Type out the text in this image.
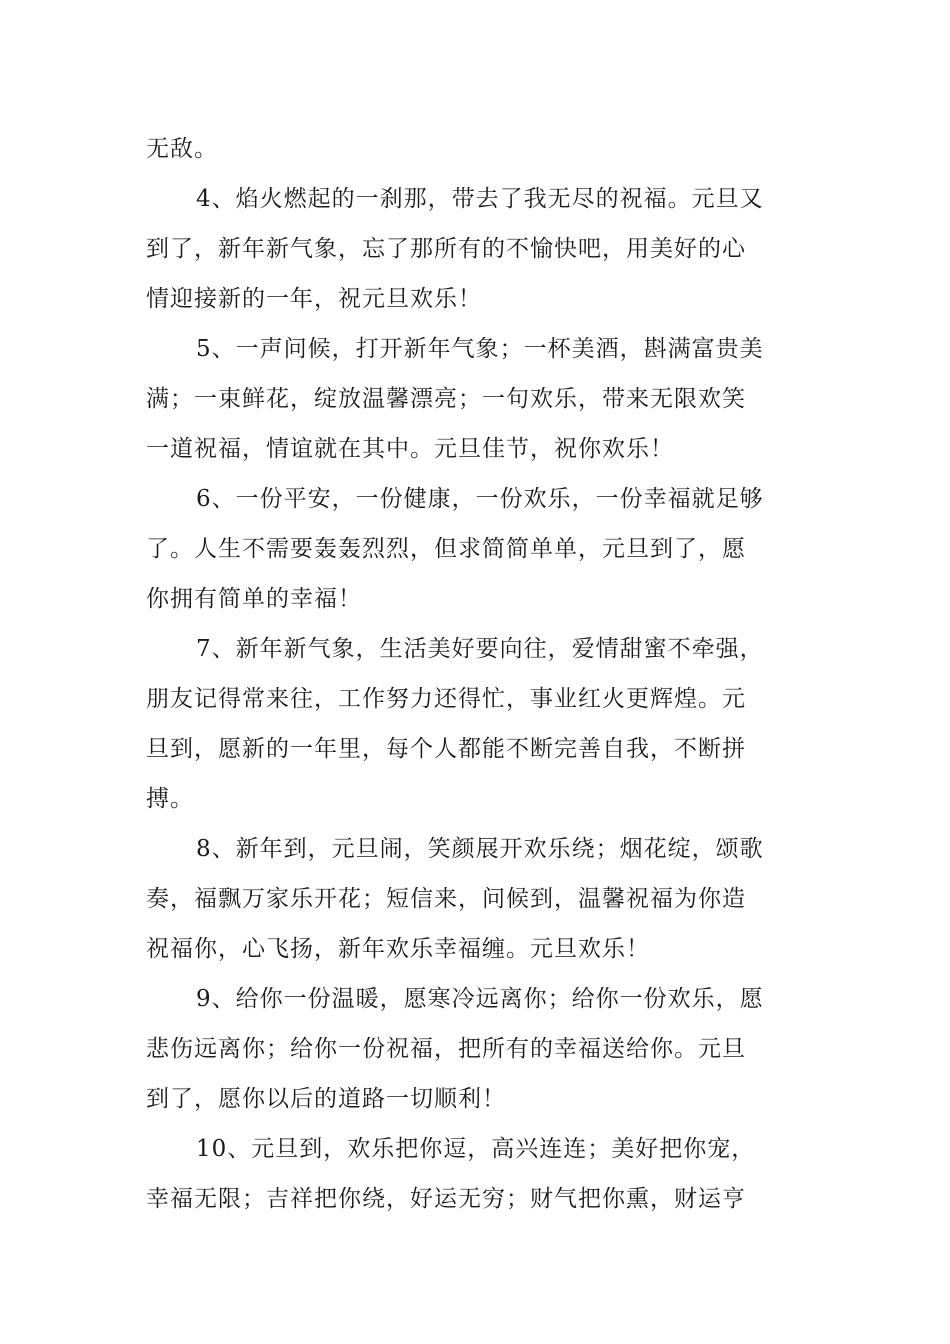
无敌。
4、焰火燃起的一刹那，带去了我无尽的祝福。元旦又
到了，新年新气象，忘了那所有的不愉快吧，用美好的心
情迎接新的一年，祝元旦欢乐！
5、一声问候，打开新年气象；一杯美酒，斟满富贵美
满；一束鲜花，绽放温馨漂亮；一句欢乐，带来无限欢笑
一道祝福，情谊就在其中。元旦佳节，祝你欢乐！
6、一份平安，一份健康，一份欢乐，一份幸福就足够
了。人生不需要轰轰烈烈，但求简简单单，元旦到了，愿
你拥有简单的幸福！
7、新年新气象，生活美好要向往，爱情甜蜜不牵强，
朋友记得常来往，工作努力还得忙，事业红火更辉煌。元
旦到，愿新的一年里，每个人都能不断完善自我，不断拼
搏。
8、新年到，元旦闹，笑颜展开欢乐绕；烟花绽，颂歌
奏，福飘万家乐开花；短信来，问候到，温馨祝福为你造
祝福你，心飞扬，新年欢乐幸福缠。元旦欢乐！
9、给你一份温暖，愿寒冷远离你；给你一份欢乐，愿
悲伤远离你；给你一份祝福，把所有的幸福送给你。元旦
到了，愿你以后的道路一切顺利！
10、元旦到，欢乐把你逗，高兴连连；美好把你宠，
幸福无限；吉祥把你绕，好运无穷；财气把你熏，财运亨
